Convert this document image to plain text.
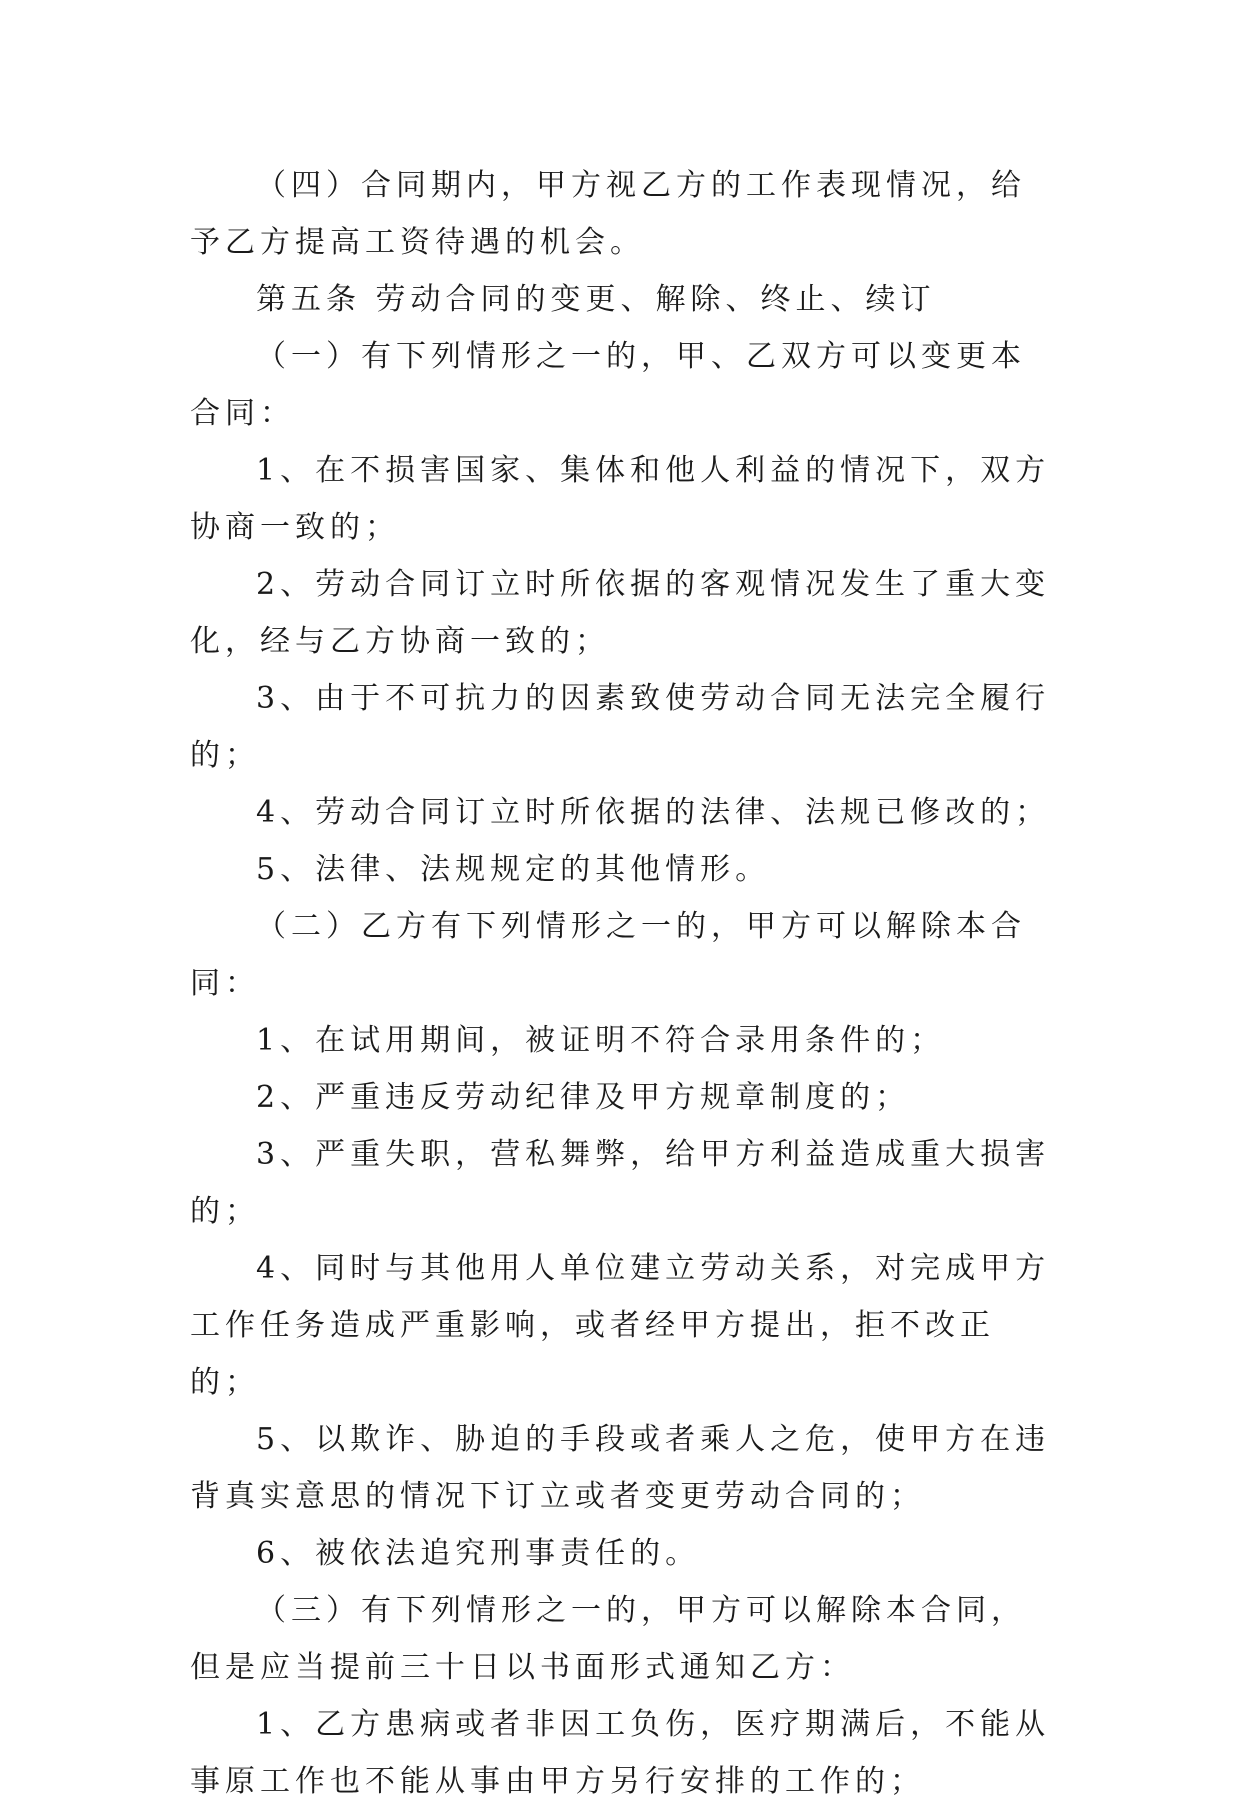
（四）合同期内，甲方视乙方的工作表现情况，给予乙方提高工资待遇的机会。

第五条 劳动合同的变更、解除、终止、续订

（一）有下列情形之一的，甲、乙双方可以变更本合同：

1、在不损害国家、集体和他人利益的情况下，双方协商一致的；

2、劳动合同订立时所依据的客观情况发生了重大变化，经与乙方协商一致的；

3、由于不可抗力的因素致使劳动合同无法完全履行的；

4、劳动合同订立时所依据的法律、法规已修改的；

5、法律、法规规定的其他情形。

（二）乙方有下列情形之一的，甲方可以解除本合同：

1、在试用期间，被证明不符合录用条件的；

2、严重违反劳动纪律及甲方规章制度的；

3、严重失职，营私舞弊，给甲方利益造成重大损害的；

4、同时与其他用人单位建立劳动关系，对完成甲方工作任务造成严重影响，或者经甲方提出，拒不改正的；

5、以欺诈、胁迫的手段或者乘人之危，使甲方在违背真实意思的情况下订立或者变更劳动合同的；

6、被依法追究刑事责任的。

（三）有下列情形之一的，甲方可以解除本合同，但是应当提前三十日以书面形式通知乙方：

1、乙方患病或者非因工负伤，医疗期满后，不能从事原工作也不能从事由甲方另行安排的工作的；
